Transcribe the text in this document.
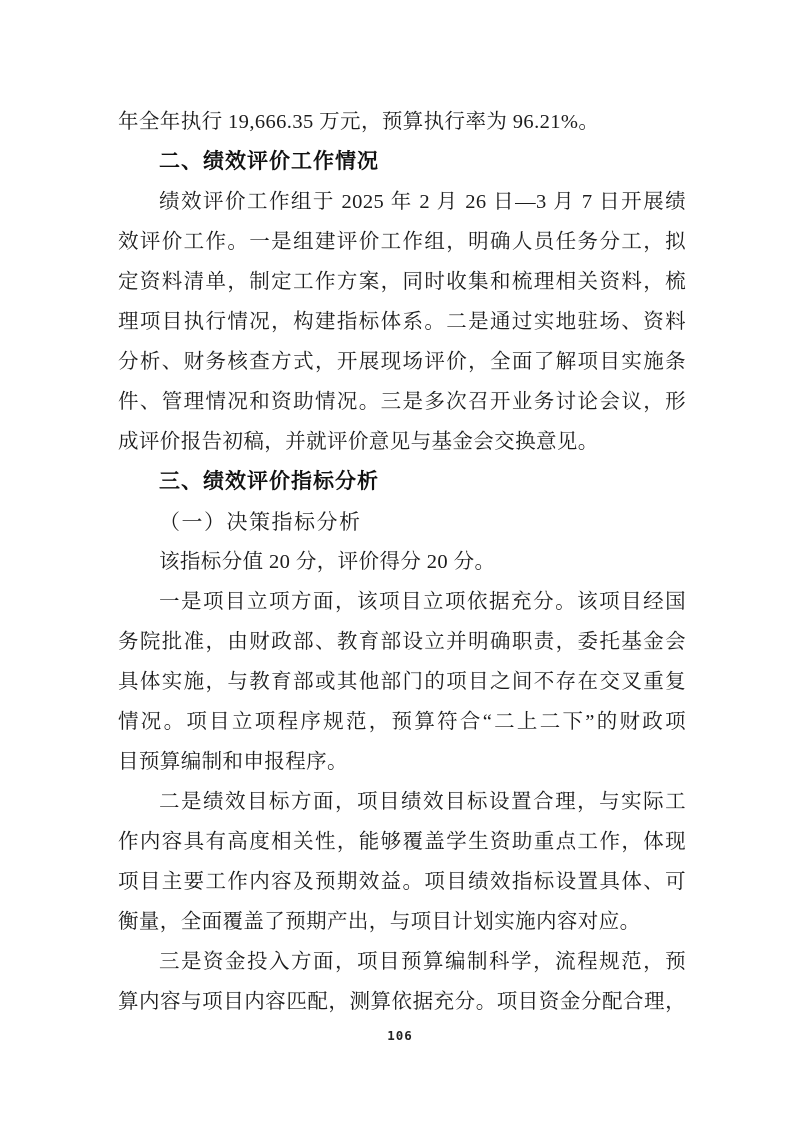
年全年执行 19,666.35 万元，预算执行率为 96.21%。
二、绩效评价工作情况
绩效评价工作组于 2025 年 2 月 26 日—3 月 7 日开展绩
效评价工作。一是组建评价工作组，明确人员任务分工，拟
定资料清单，制定工作方案，同时收集和梳理相关资料，梳
理项目执行情况，构建指标体系。二是通过实地驻场、资料
分析、财务核查方式，开展现场评价，全面了解项目实施条
件、管理情况和资助情况。三是多次召开业务讨论会议，形
成评价报告初稿，并就评价意见与基金会交换意见。
三、绩效评价指标分析
（一）决策指标分析
该指标分值 20 分，评价得分 20 分。
一是项目立项方面，该项目立项依据充分。该项目经国
务院批准，由财政部、教育部设立并明确职责，委托基金会
具体实施，与教育部或其他部门的项目之间不存在交叉重复
情况。项目立项程序规范，预算符合“二上二下”的财政项
目预算编制和申报程序。
二是绩效目标方面，项目绩效目标设置合理，与实际工
作内容具有高度相关性，能够覆盖学生资助重点工作，体现
项目主要工作内容及预期效益。项目绩效指标设置具体、可
衡量，全面覆盖了预期产出，与项目计划实施内容对应。
三是资金投入方面，项目预算编制科学，流程规范，预
算内容与项目内容匹配，测算依据充分。项目资金分配合理，
106
